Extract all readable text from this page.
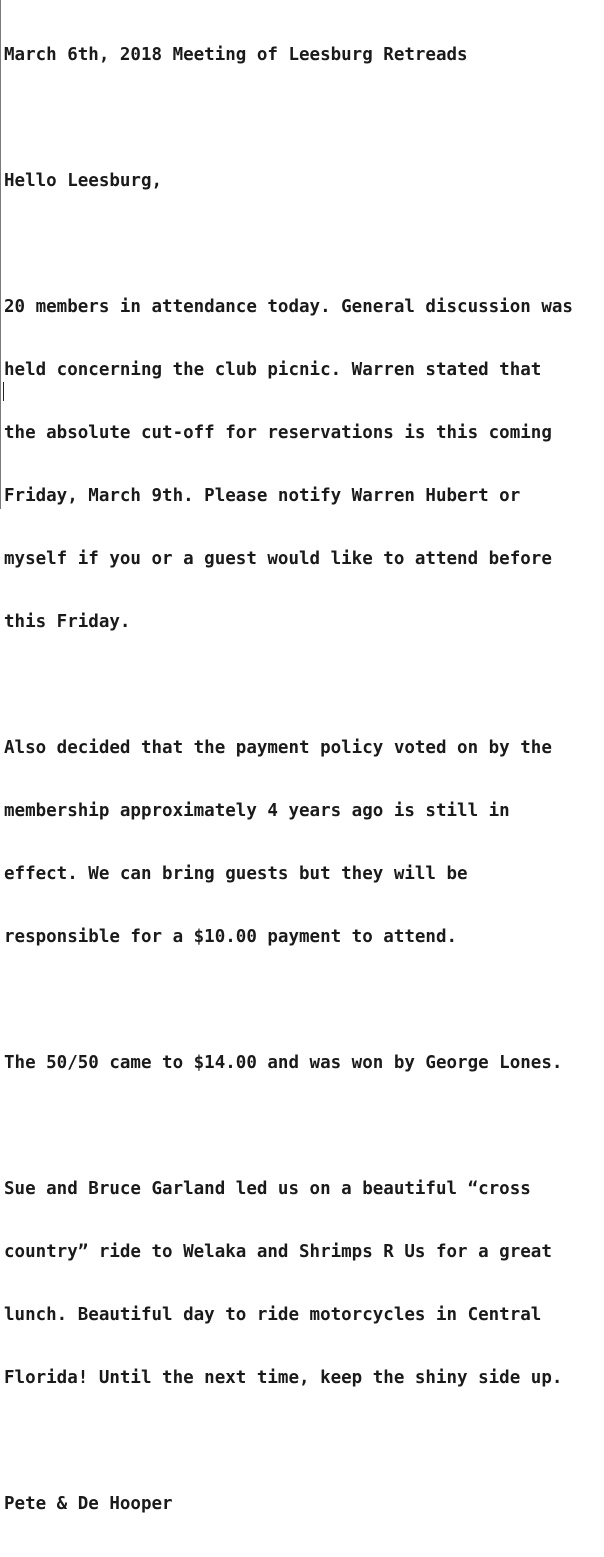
March 6th, 2018 Meeting of Leesburg Retreads

Hello Leesburg,

20 members in attendance today. General discussion was

held concerning the club picnic. Warren stated that

the absolute cut-off for reservations is this coming

Friday, March 9th. Please notify Warren Hubert or

myself if you or a guest would like to attend before

this Friday.

Also decided that the payment policy voted on by the

membership approximately 4 years ago is still in

effect. We can bring guests but they will be

responsible for a $10.00 payment to attend.

The 50/50 came to $14.00 and was won by George Lones.

Sue and Bruce Garland led us on a beautiful “cross

country” ride to Welaka and Shrimps R Us for a great

lunch. Beautiful day to ride motorcycles in Central

Florida! Until the next time, keep the shiny side up.

Pete & De Hooper
